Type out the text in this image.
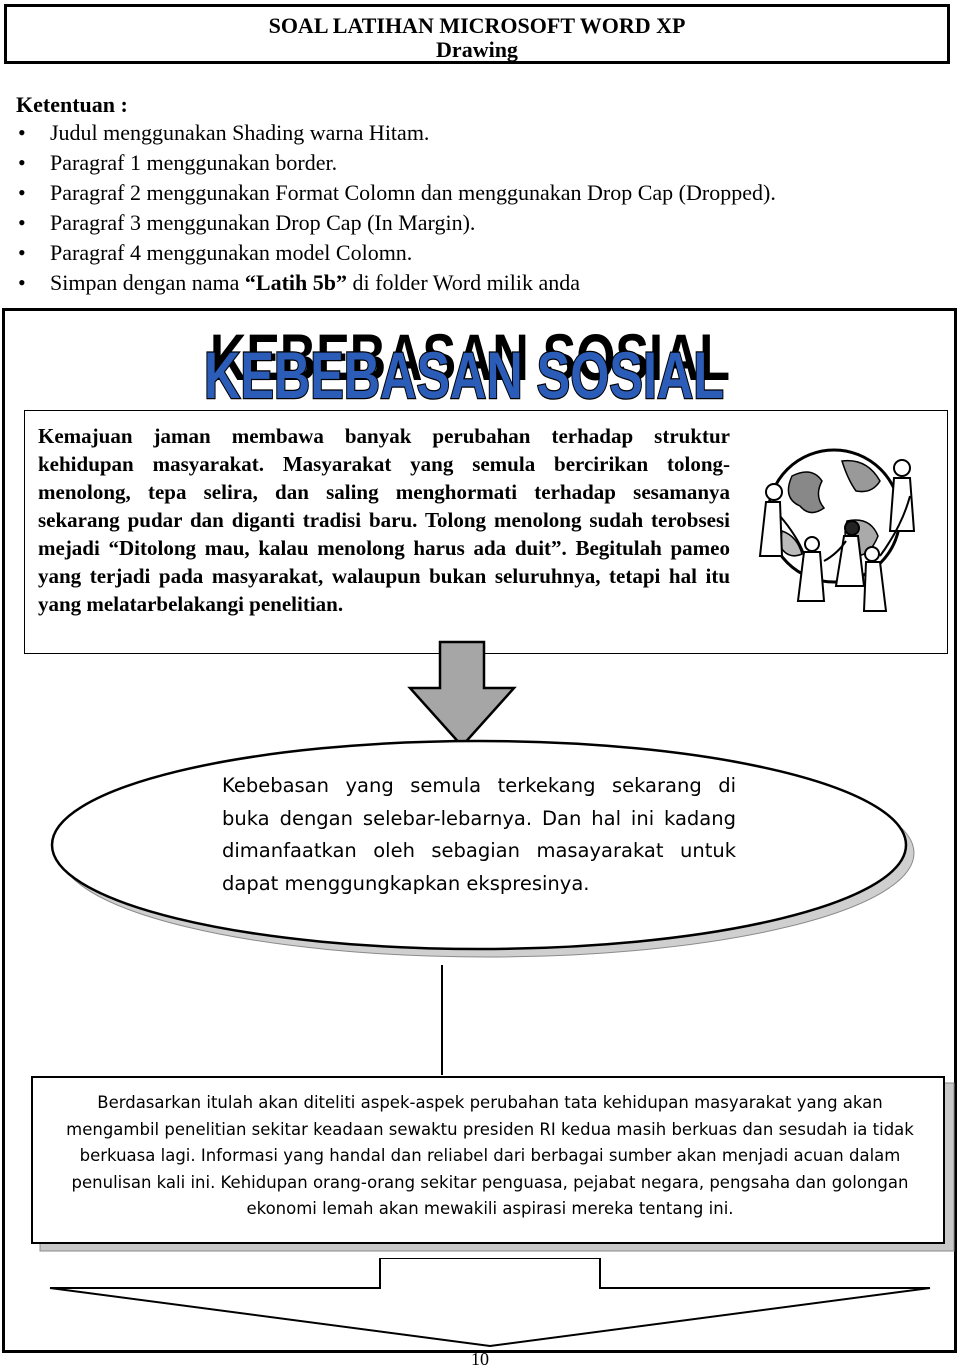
SOAL LATIHAN MICROSOFT WORD XP
Drawing
Ketentuan :
• Judul menggunakan Shading warna Hitam.
• Paragraf 1 menggunakan border.
• Paragraf 2 menggunakan Format Colomn dan menggunakan Drop Cap (Dropped).
• Paragraf 3 menggunakan Drop Cap (In Margin).
• Paragraf 4 menggunakan model Colomn.
• Simpan dengan nama “Latih 5b” di folder Word milik anda
KEBEBASAN SOSIAL
KEBEBASAN SOSIAL

Kemajuan jaman membawa banyak perubahan terhadap struktur kehidupan masyarakat. Masyarakat yang semula bercirikan tolong-menolong, tepa selira, dan saling menghormati terhadap sesamanya sekarang pudar dan diganti tradisi baru. Tolong menolong sudah terobsesi mejadi “Ditolong mau, kalau menolong harus ada duit”. Begitulah pameo yang terjadi pada masyarakat, walaupun bukan seluruhnya, tetapi hal itu yang melatarbelakangi penelitian.

Kebebasan yang semula terkekang sekarang di buka dengan selebar-lebarnya. Dan hal ini kadang dimanfaatkan oleh sebagian masayarakat untuk dapat menggungkapkan ekspresinya.

Berdasarkan itulah akan diteliti aspek-aspek perubahan tata kehidupan masyarakat yang akan mengambil penelitian sekitar keadaan sewaktu presiden RI kedua masih berkuas dan sesudah ia tidak berkuasa lagi. Informasi yang handal dan reliabel dari berbagai sumber akan menjadi acuan dalam penulisan kali ini. Kehidupan orang-orang sekitar penguasa, pejabat negara, pengsaha dan golongan ekonomi lemah akan mewakili aspirasi mereka tentang ini.

10
